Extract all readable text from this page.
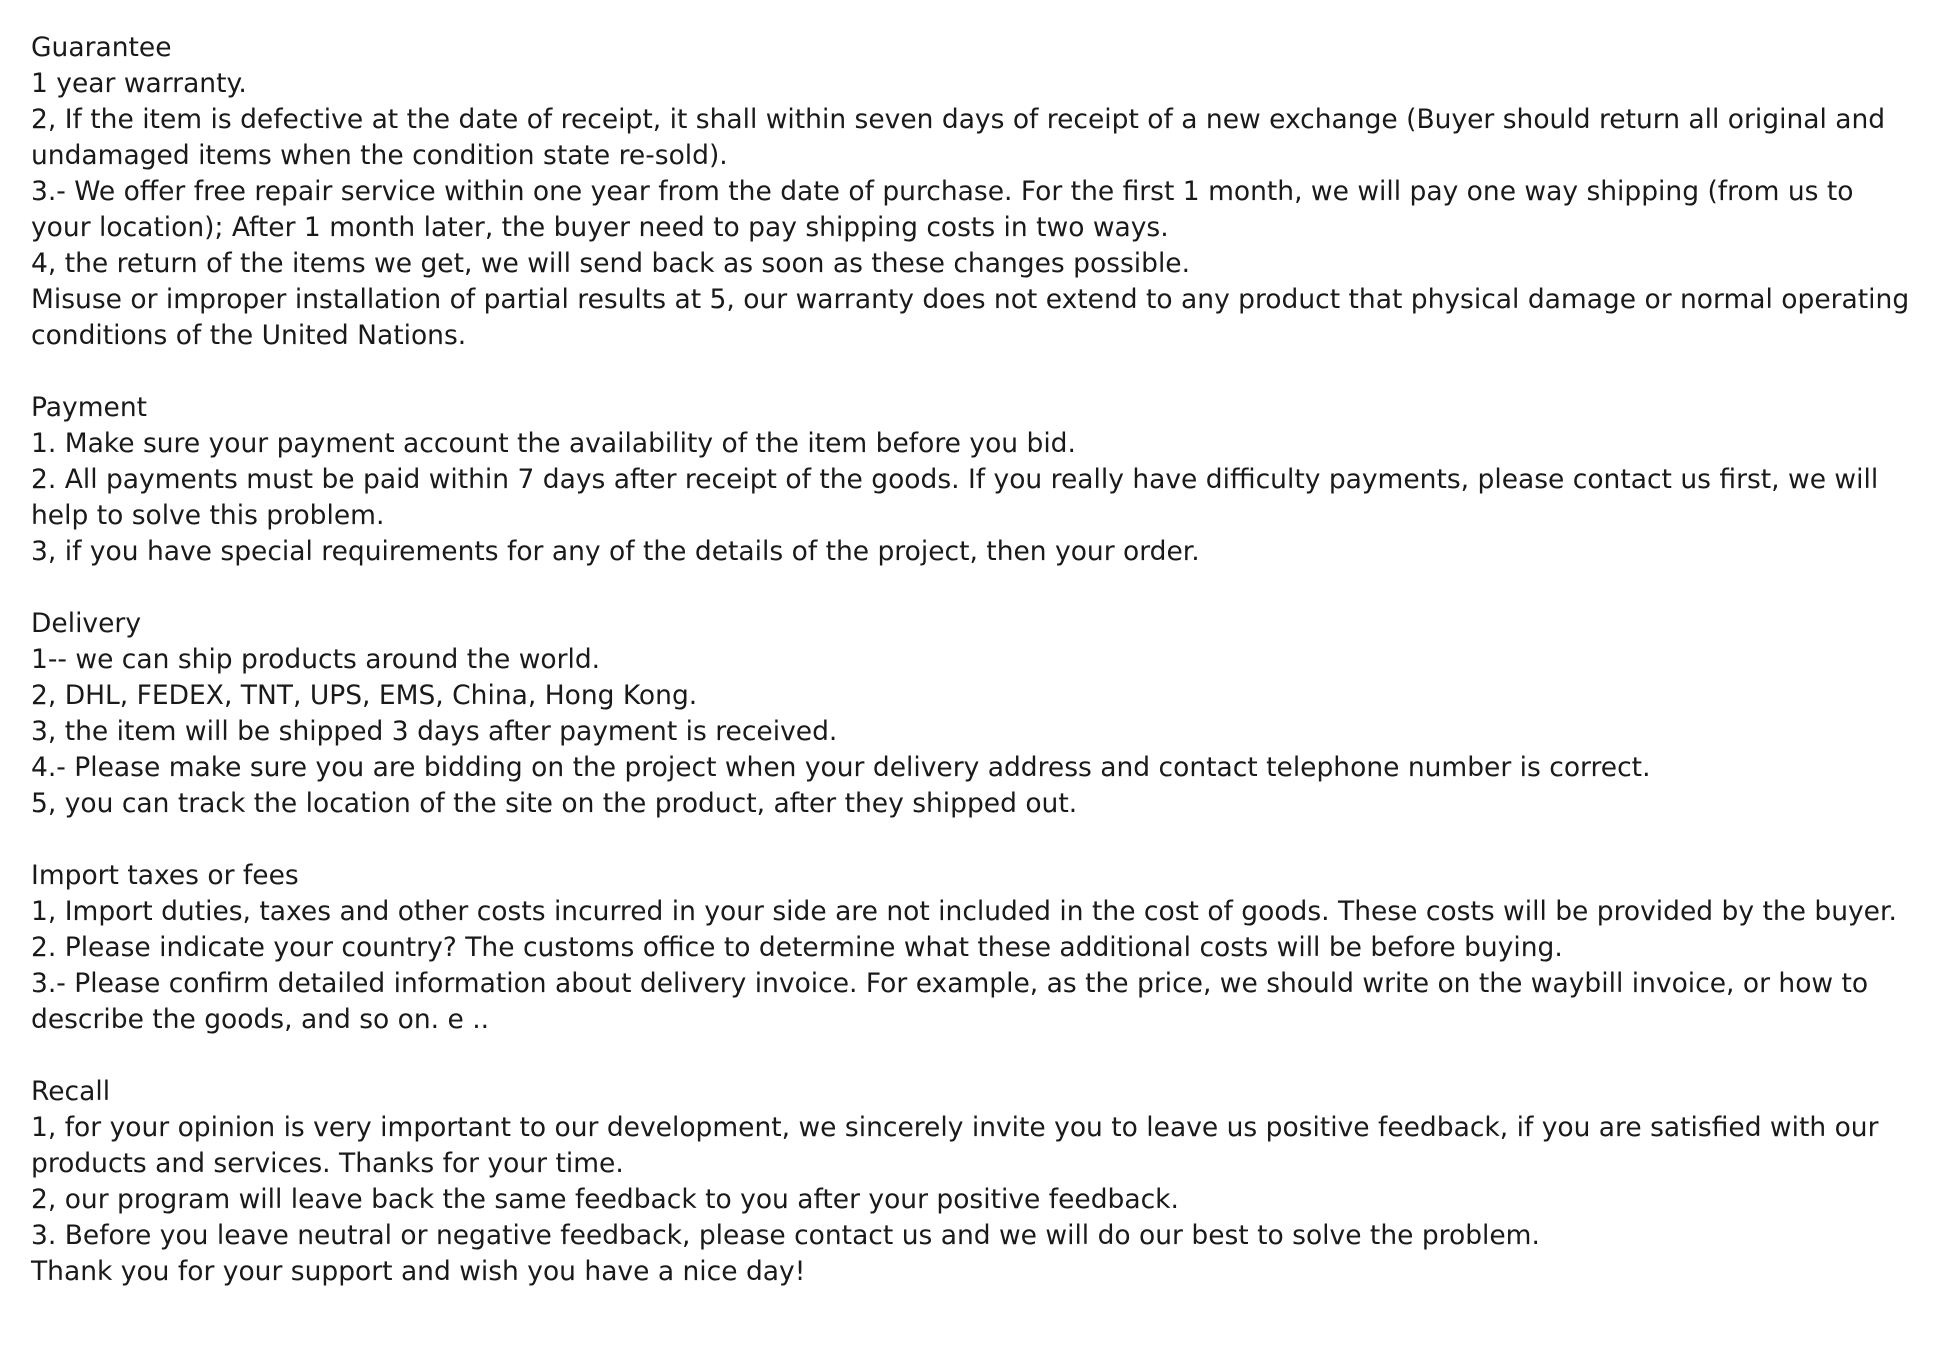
Guarantee
1 year warranty.
2, If the item is defective at the date of receipt, it shall within seven days of receipt of a new exchange (Buyer should return all original and undamaged items when the condition state re-sold).
3.- We offer free repair service within one year from the date of purchase. For the first 1 month, we will pay one way shipping (from us to your location); After 1 month later, the buyer need to pay shipping costs in two ways.
4, the return of the items we get, we will send back as soon as these changes possible.
Misuse or improper installation of partial results at 5, our warranty does not extend to any product that physical damage or normal operating conditions of the United Nations.
Payment
1. Make sure your payment account the availability of the item before you bid.
2. All payments must be paid within 7 days after receipt of the goods. If you really have difficulty payments, please contact us first, we will help to solve this problem.
3, if you have special requirements for any of the details of the project, then your order.
Delivery
1-- we can ship products around the world.
2, DHL, FEDEX, TNT, UPS, EMS, China, Hong Kong.
3, the item will be shipped 3 days after payment is received.
4.- Please make sure you are bidding on the project when your delivery address and contact telephone number is correct.
5, you can track the location of the site on the product, after they shipped out.
Import taxes or fees
1, Import duties, taxes and other costs incurred in your side are not included in the cost of goods. These costs will be provided by the buyer.
2. Please indicate your country? The customs office to determine what these additional costs will be before buying.
3.- Please confirm detailed information about delivery invoice. For example, as the price, we should write on the waybill invoice, or how to describe the goods, and so on. e ..
Recall
1, for your opinion is very important to our development, we sincerely invite you to leave us positive feedback, if you are satisfied with our products and services. Thanks for your time.
2, our program will leave back the same feedback to you after your positive feedback.
3. Before you leave neutral or negative feedback, please contact us and we will do our best to solve the problem.
Thank you for your support and wish you have a nice day!
